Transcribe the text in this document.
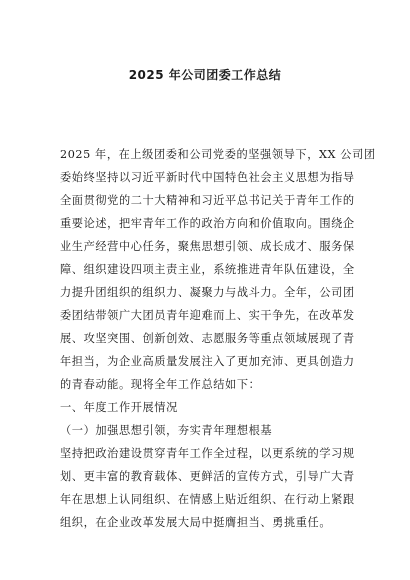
2025 年公司团委工作总结
2025 年，在上级团委和公司党委的坚强领导下，XX 公司团
委始终坚持以习近平新时代中国特色社会主义思想为指导
全面贯彻党的二十大精神和习近平总书记关于青年工作的
重要论述，把牢青年工作的政治方向和价值取向。围绕企
业生产经营中心任务，聚焦思想引领、成长成才、服务保
障、组织建设四项主责主业，系统推进青年队伍建设，全
力提升团组织的组织力、凝聚力与战斗力。全年，公司团
委团结带领广大团员青年迎难而上、实干争先，在改革发
展、攻坚突围、创新创效、志愿服务等重点领域展现了青
年担当，为企业高质量发展注入了更加充沛、更具创造力
的青春动能。现将全年工作总结如下：
一、年度工作开展情况
（一）加强思想引领，夯实青年理想根基
坚持把政治建设贯穿青年工作全过程，以更系统的学习规
划、更丰富的教育载体、更鲜活的宣传方式，引导广大青
年在思想上认同组织、在情感上贴近组织、在行动上紧跟
组织，在企业改革发展大局中挺膺担当、勇挑重任。
